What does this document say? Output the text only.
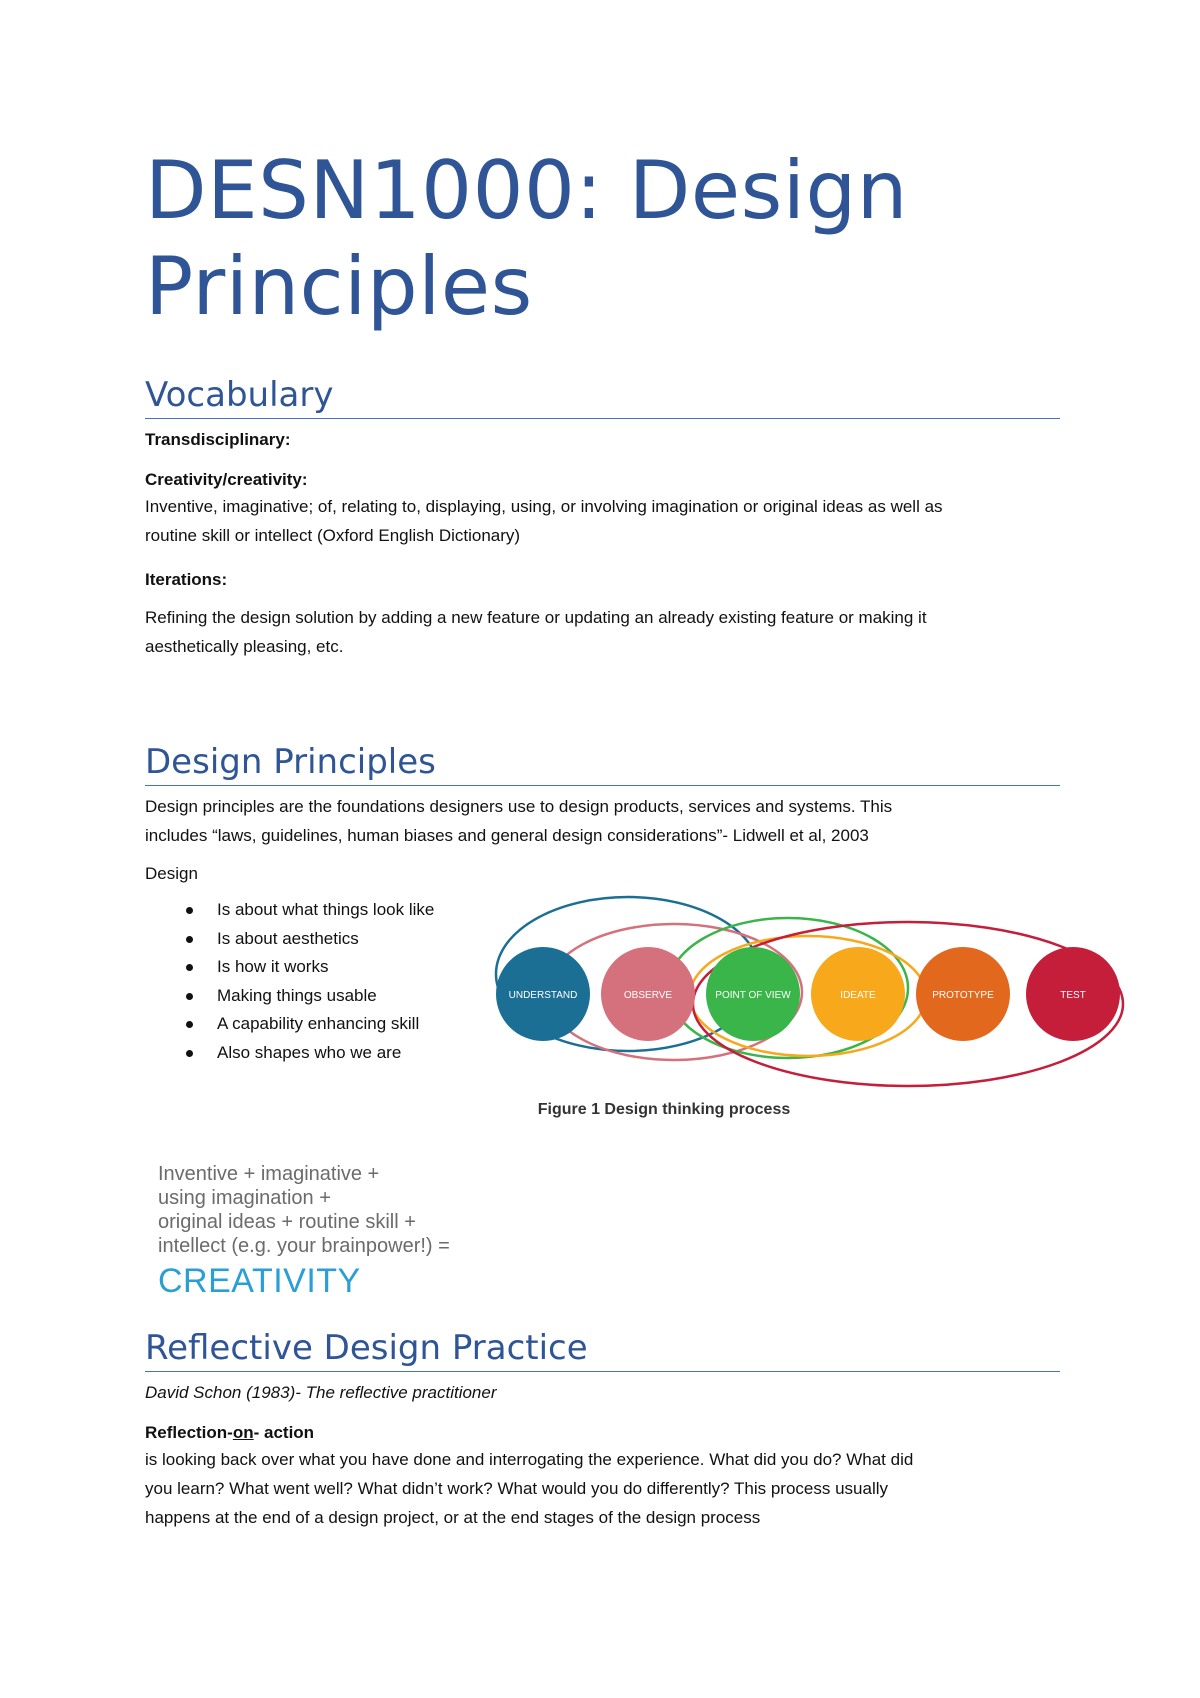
DESN1000: Design
Principles
Vocabulary
Transdisciplinary:
Creativity/creativity:
Inventive, imaginative; of, relating to, displaying, using, or involving imagination or original ideas as well as
routine skill or intellect (Oxford English Dictionary)
Iterations:
Refining the design solution by adding a new feature or updating an already existing feature or making it
aesthetically pleasing, etc.
Design Principles
Design principles are the foundations designers use to design products, services and systems. This
includes “laws, guidelines, human biases and general design considerations”- Lidwell et al, 2003
Design
Is about what things look like
Is about aesthetics
Is how it works
Making things usable
A capability enhancing skill
Also shapes who we are
UNDERSTAND	OBSERVE	POINT OF VIEW	IDEATE	PROTOTYPE	TEST
Figure 1 Design thinking process
Inventive + imaginative +
using imagination +
original ideas + routine skill +
intellect (e.g. your brainpower!) =
CREATIVITY
Reflective Design Practice
David Schon (1983)- The reflective practitioner
Reflection-on- action
is looking back over what you have done and interrogating the experience. What did you do? What did
you learn? What went well? What didn’t work? What would you do differently? This process usually
happens at the end of a design project, or at the end stages of the design process
